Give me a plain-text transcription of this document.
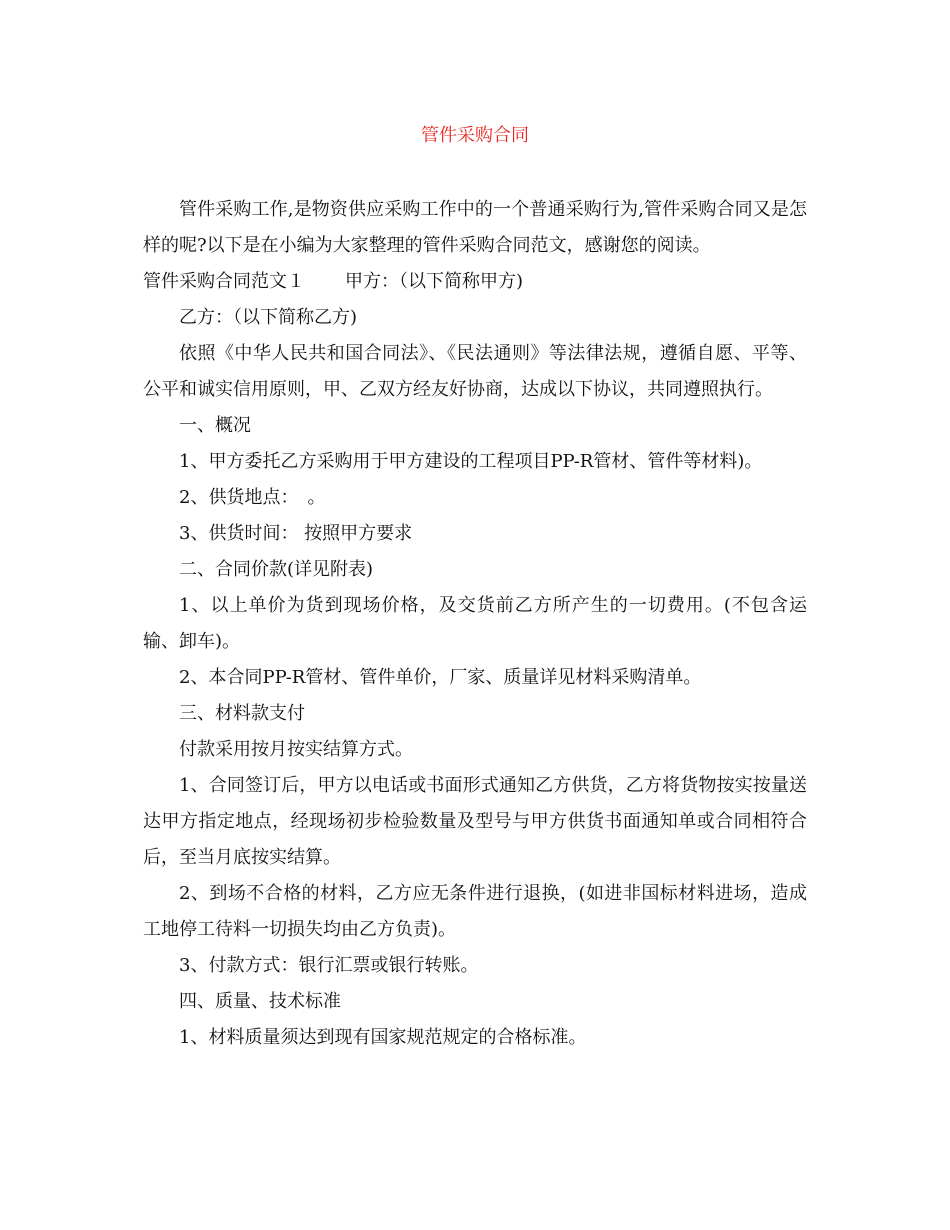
管件采购合同

管件采购工作,是物资供应采购工作中的一个普通采购行为,管件采购合同又是怎样的呢?以下是在小编为大家整理的管件采购合同范文，感谢您的阅读。

管件采购合同范文１ 甲方：（以下简称甲方)

乙方：（以下简称乙方)

依照《中华人民共和国合同法》、《民法通则》等法律法规，遵循自愿、平等、公平和诚实信用原则，甲、乙双方经友好协商，达成以下协议，共同遵照执行。

一、概况

1、甲方委托乙方采购用于甲方建设的工程项目PP-R管材、管件等材料)。

2、供货地点：　。

3、供货时间： 按照甲方要求

二、合同价款(详见附表)

1、以上单价为货到现场价格，及交货前乙方所产生的一切费用。(不包含运输、卸车)。

2、本合同PP-R管材、管件单价，厂家、质量详见材料采购清单。

三、材料款支付

付款采用按月按实结算方式。

1、合同签订后，甲方以电话或书面形式通知乙方供货，乙方将货物按实按量送达甲方指定地点，经现场初步检验数量及型号与甲方供货书面通知单或合同相符合后，至当月底按实结算。

2、到场不合格的材料，乙方应无条件进行退换，(如进非国标材料进场，造成工地停工待料一切损失均由乙方负责)。

3、付款方式：银行汇票或银行转账。

四、质量、技术标准

1、材料质量须达到现有国家规范规定的合格标准。
